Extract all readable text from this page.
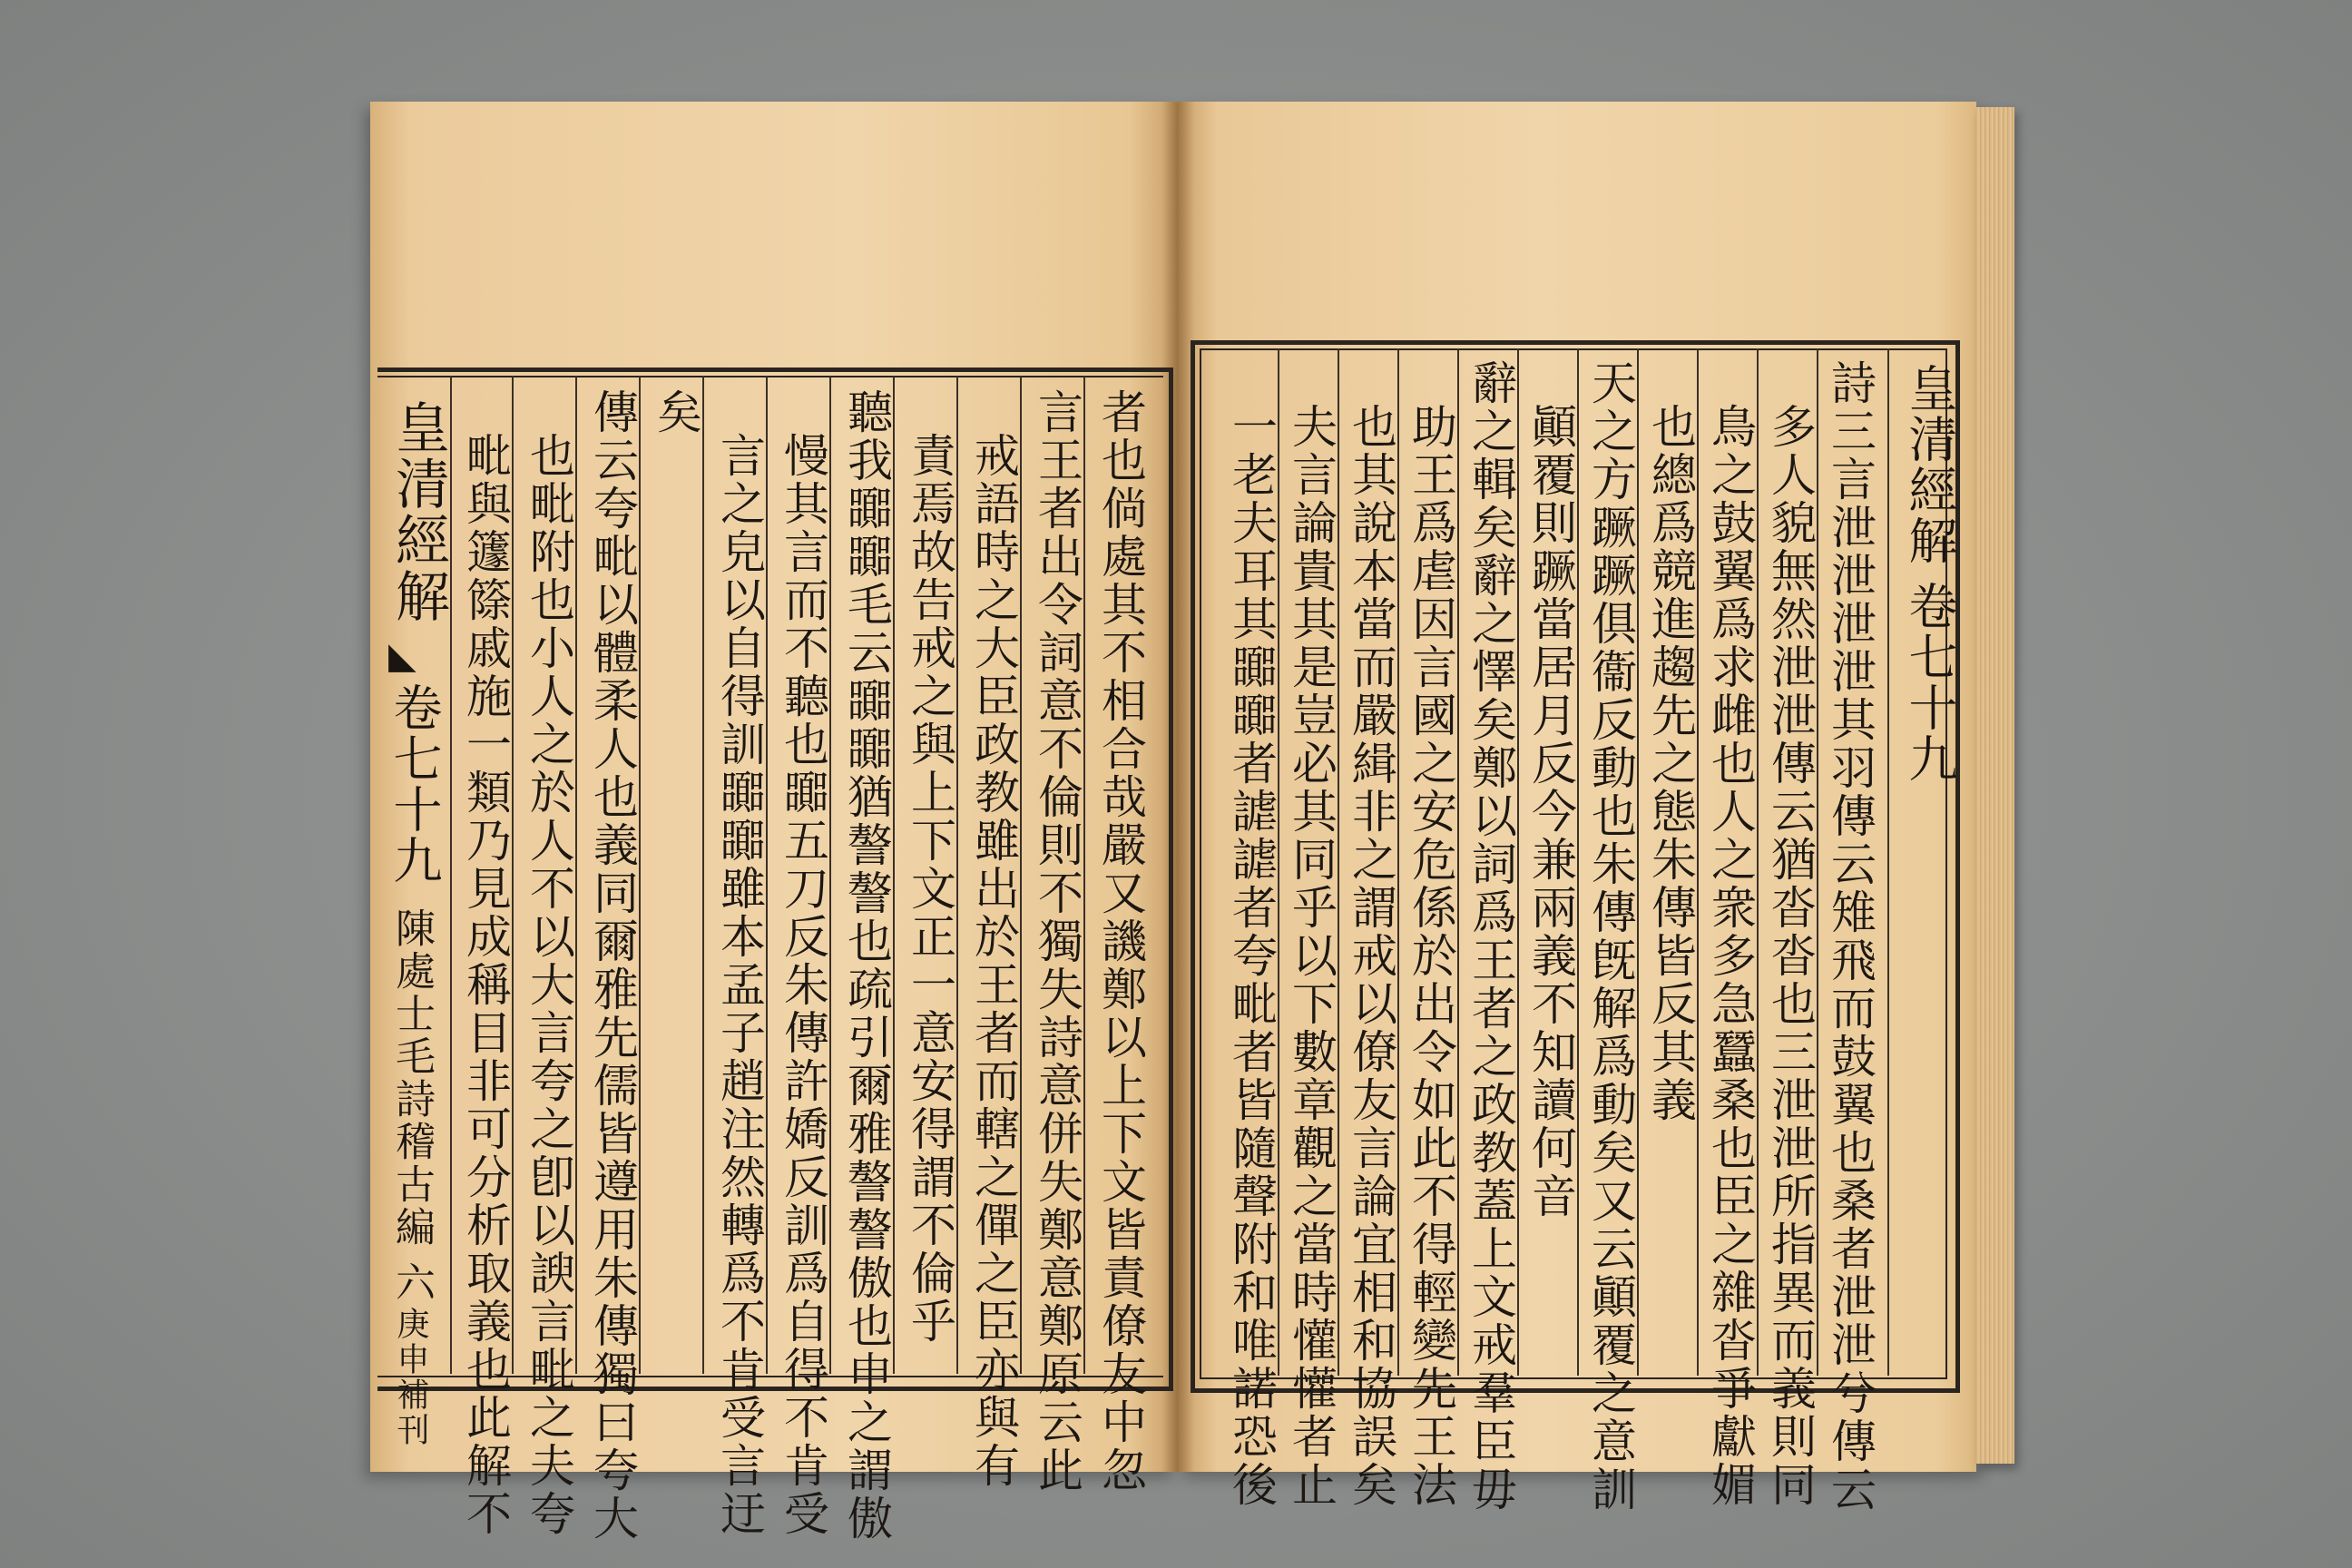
皇清經解
◣
卷七十九
陳處士毛詩稽古編
六
庚申補刊	者也倘處其不相合哉嚴又譏鄭以上下文皆責僚友中忽
言王者出令詞意不倫則不獨失詩意併失鄭意鄭原云此
戒語時之大臣政教雖出於王者而轄之僤之臣亦與有
責焉故告戒之與上下文正一意安得謂不倫乎
聽我嚻嚻毛云嚻嚻猶謷謷也疏引爾雅謷謷傲也申之謂傲
慢其言而不聽也嚻五刀反朱傳許嬌反訓爲自得不肯受
言之皃以自得訓嚻嚻雖本孟子趙注然轉爲不肯受言迂
矣
傳云夸毗以體柔人也義同爾雅先儒皆遵用朱傳獨曰夸大
也毗附也小人之於人不以大言夸之卽以諛言毗之夫夸
毗與籧篨戚施一類乃見成稱目非可分析取義也此解不	皇清經解
卷七十九
詩三言泄泄泄泄其羽傳云雉飛而鼓翼也桑者泄泄兮傳云
多人貌無然泄泄傳云猶沓沓也三泄泄所指異而義則同
鳥之鼓翼爲求雌也人之衆多急蠶桑也臣之雜沓爭獻媚
也總爲競進趨先之態朱傳皆反其義
天之方蹶蹶俱衞反動也朱傳旣解爲動矣又云顚覆之意訓
顚覆則蹶當居月反今兼兩義不知讀何音
辭之輯矣辭之懌矣鄭以詞爲王者之政教蓋上文戒羣臣毋
助王爲虐因言國之安危係於出令如此不得輕變先王法
也其說本當而嚴緝非之謂戒以僚友言論宜相和協誤矣
夫言論貴其是豈必其同乎以下數章觀之當時懽懽者止
一老夫耳其嚻嚻者謔謔者夸毗者皆隨聲附和唯諾恐後
